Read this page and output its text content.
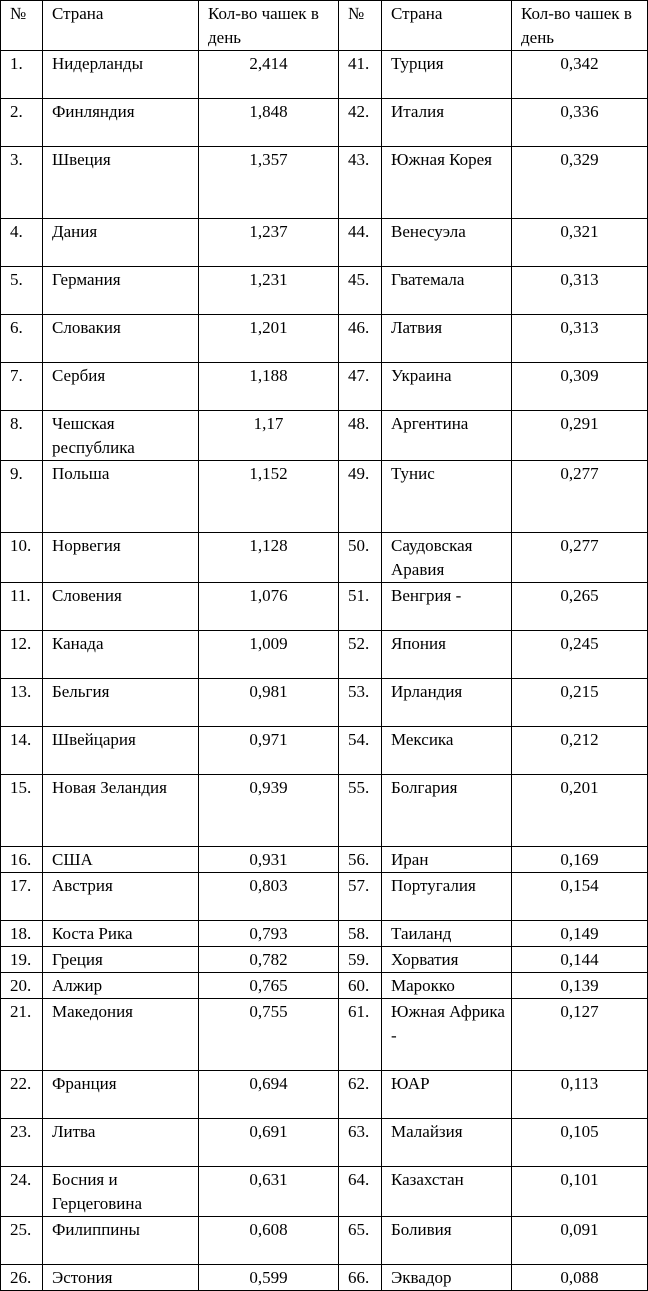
№	Страна	Кол-во чашек в день	№	Страна	Кол-во чашек в день
1.	Нидерланды	2,414	41.	Турция	0,342
2.	Финляндия	1,848	42.	Италия	0,336
3.	Швеция	1,357	43.	Южная Корея	0,329
4.	Дания	1,237	44.	Венесуэла	0,321
5.	Германия	1,231	45.	Гватемала	0,313
6.	Словакия	1,201	46.	Латвия	0,313
7.	Сербия	1,188	47.	Украина	0,309
8.	Чешская республика	1,17	48.	Аргентина	0,291
9.	Польша	1,152	49.	Тунис	0,277
10.	Норвегия	1,128	50.	Саудовская Аравия	0,277
11.	Словения	1,076	51.	Венгрия -	0,265
12.	Канада	1,009	52.	Япония	0,245
13.	Бельгия	0,981	53.	Ирландия	0,215
14.	Швейцария	0,971	54.	Мексика	0,212
15.	Новая Зеландия	0,939	55.	Болгария	0,201
16.	США	0,931	56.	Иран	0,169
17.	Австрия	0,803	57.	Португалия	0,154
18.	Коста Рика	0,793	58.	Таиланд	0,149
19.	Греция	0,782	59.	Хорватия	0,144
20.	Алжир	0,765	60.	Марокко	0,139
21.	Македония	0,755	61.	Южная Африка -	0,127
22.	Франция	0,694	62.	ЮАР	0,113
23.	Литва	0,691	63.	Малайзия	0,105
24.	Босния и Герцеговина	0,631	64.	Казахстан	0,101
25.	Филиппины	0,608	65.	Боливия	0,091
26.	Эстония	0,599	66.	Эквадор	0,088
